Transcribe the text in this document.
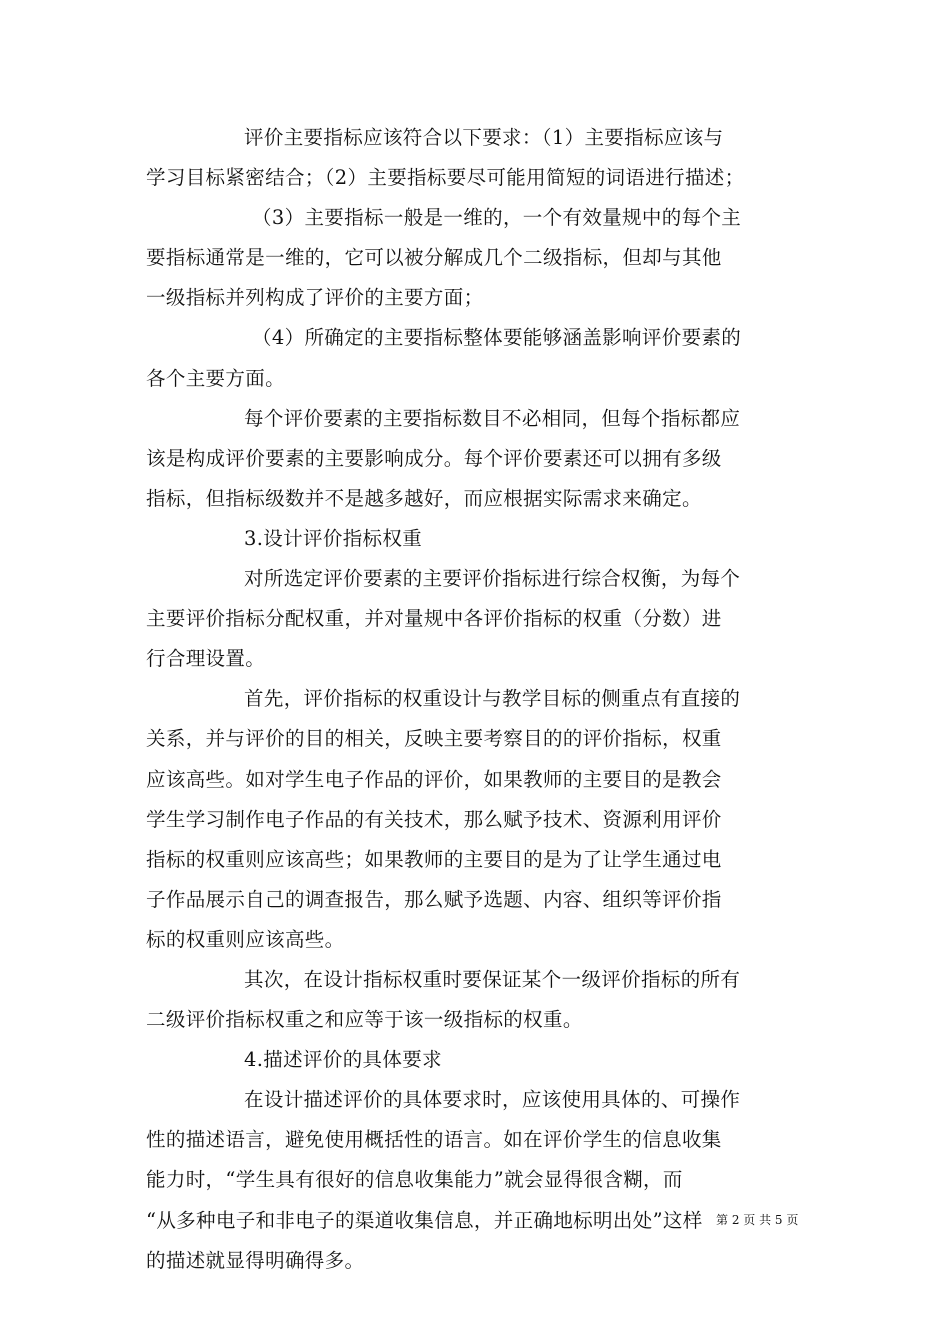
评价主要指标应该符合以下要求：（1）主要指标应该与
学习目标紧密结合；（2）主要指标要尽可能用简短的词语进行描述；
（3）主要指标一般是一维的，一个有效量规中的每个主
要指标通常是一维的，它可以被分解成几个二级指标，但却与其他
一级指标并列构成了评价的主要方面；
（4）所确定的主要指标整体要能够涵盖影响评价要素的
各个主要方面。
每个评价要素的主要指标数目不必相同，但每个指标都应
该是构成评价要素的主要影响成分。每个评价要素还可以拥有多级
指标，但指标级数并不是越多越好，而应根据实际需求来确定。
3.设计评价指标权重
对所选定评价要素的主要评价指标进行综合权衡，为每个
主要评价指标分配权重，并对量规中各评价指标的权重（分数）进
行合理设置。
首先，评价指标的权重设计与教学目标的侧重点有直接的
关系，并与评价的目的相关，反映主要考察目的的评价指标，权重
应该高些。如对学生电子作品的评价，如果教师的主要目的是教会
学生学习制作电子作品的有关技术，那么赋予技术、资源利用评价
指标的权重则应该高些；如果教师的主要目的是为了让学生通过电
子作品展示自己的调查报告，那么赋予选题、内容、组织等评价指
标的权重则应该高些。
其次，在设计指标权重时要保证某个一级评价指标的所有
二级评价指标权重之和应等于该一级指标的权重。
4.描述评价的具体要求
在设计描述评价的具体要求时，应该使用具体的、可操作
性的描述语言，避免使用概括性的语言。如在评价学生的信息收集
能力时，“学生具有很好的信息收集能力”就会显得很含糊，而
“从多种电子和非电子的渠道收集信息，并正确地标明出处”这样
的描述就显得明确得多。
第 2 页 共 5 页
